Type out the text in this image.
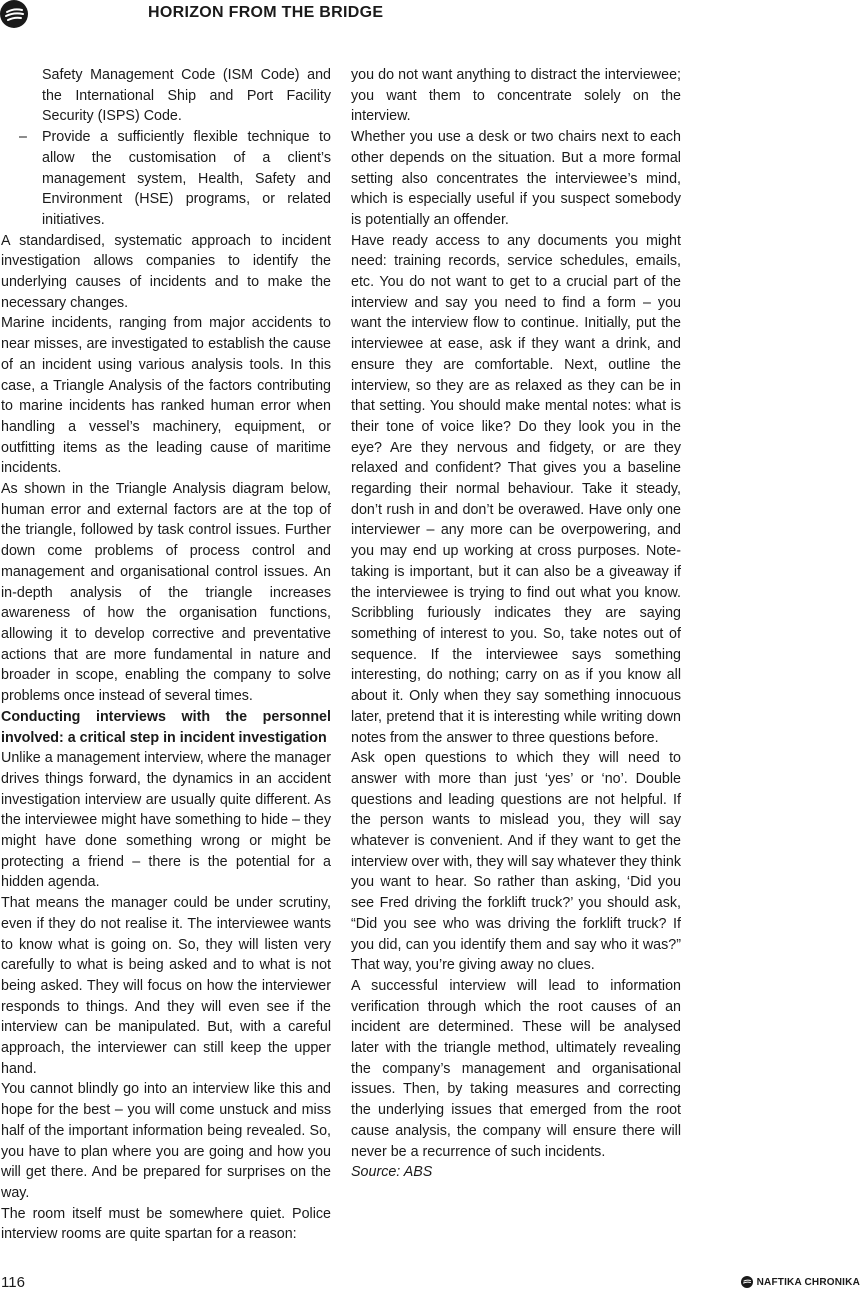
HORIZON FROM THE BRIDGE

Safety Management Code (ISM Code) and the International Ship and Port Facility Security (ISPS) Code.

– Provide a sufficiently flexible technique to allow the customisation of a client’s management system, Health, Safety and Environment (HSE) programs, or related initiatives.

A standardised, systematic approach to incident investigation allows companies to identify the underlying causes of incidents and to make the necessary changes.

Marine incidents, ranging from major accidents to near misses, are investigated to establish the cause of an incident using various analysis tools. In this case, a Triangle Analysis of the factors contributing to marine incidents has ranked human error when handling a vessel’s machinery, equipment, or outfitting items as the leading cause of maritime incidents.

As shown in the Triangle Analysis diagram below, human error and external factors are at the top of the triangle, followed by task control issues. Further down come problems of process control and management and organisational control issues. An in-depth analysis of the triangle increases awareness of how the organisation functions, allowing it to develop corrective and preventative actions that are more fundamental in nature and broader in scope, enabling the company to solve problems once instead of several times.

Conducting interviews with the personnel involved: a critical step in incident investigation

Unlike a management interview, where the manager drives things forward, the dynamics in an accident investigation interview are usually quite different. As the interviewee might have something to hide – they might have done something wrong or might be protecting a friend – there is the potential for a hidden agenda.

That means the manager could be under scrutiny, even if they do not realise it. The interviewee wants to know what is going on. So, they will listen very carefully to what is being asked and to what is not being asked. They will focus on how the interviewer responds to things. And they will even see if the interview can be manipulated. But, with a careful approach, the interviewer can still keep the upper hand.

You cannot blindly go into an interview like this and hope for the best – you will come unstuck and miss half of the important information being revealed. So, you have to plan where you are going and how you will get there. And be prepared for surprises on the way.

The room itself must be somewhere quiet. Police interview rooms are quite spartan for a reason:

you do not want anything to distract the interviewee; you want them to concentrate solely on the interview.

Whether you use a desk or two chairs next to each other depends on the situation. But a more formal setting also concentrates the interviewee’s mind, which is especially useful if you suspect somebody is potentially an offender.

Have ready access to any documents you might need: training records, service schedules, emails, etc. You do not want to get to a crucial part of the interview and say you need to find a form – you want the interview flow to continue. Initially, put the interviewee at ease, ask if they want a drink, and ensure they are comfortable. Next, outline the interview, so they are as relaxed as they can be in that setting. You should make mental notes: what is their tone of voice like? Do they look you in the eye? Are they nervous and fidgety, or are they relaxed and confident? That gives you a baseline regarding their normal behaviour. Take it steady, don’t rush in and don’t be overawed. Have only one interviewer – any more can be overpowering, and you may end up working at cross purposes. Note-taking is important, but it can also be a giveaway if the interviewee is trying to find out what you know. Scribbling furiously indicates they are saying something of interest to you. So, take notes out of sequence. If the interviewee says something interesting, do nothing; carry on as if you know all about it. Only when they say something innocuous later, pretend that it is interesting while writing down notes from the answer to three questions before.

Ask open questions to which they will need to answer with more than just ‘yes’ or ‘no’. Double questions and leading questions are not helpful. If the person wants to mislead you, they will say whatever is convenient. And if they want to get the interview over with, they will say whatever they think you want to hear. So rather than asking, ‘Did you see Fred driving the forklift truck?’ you should ask, “Did you see who was driving the forklift truck? If you did, can you identify them and say who it was?” That way, you’re giving away no clues.

A successful interview will lead to information verification through which the root causes of an incident are determined. These will be analysed later with the triangle method, ultimately revealing the company’s management and organisational issues. Then, by taking measures and correcting the underlying issues that emerged from the root cause analysis, the company will ensure there will never be a recurrence of such incidents.

Source: ABS

116	NAFTIKA CHRONIKA
